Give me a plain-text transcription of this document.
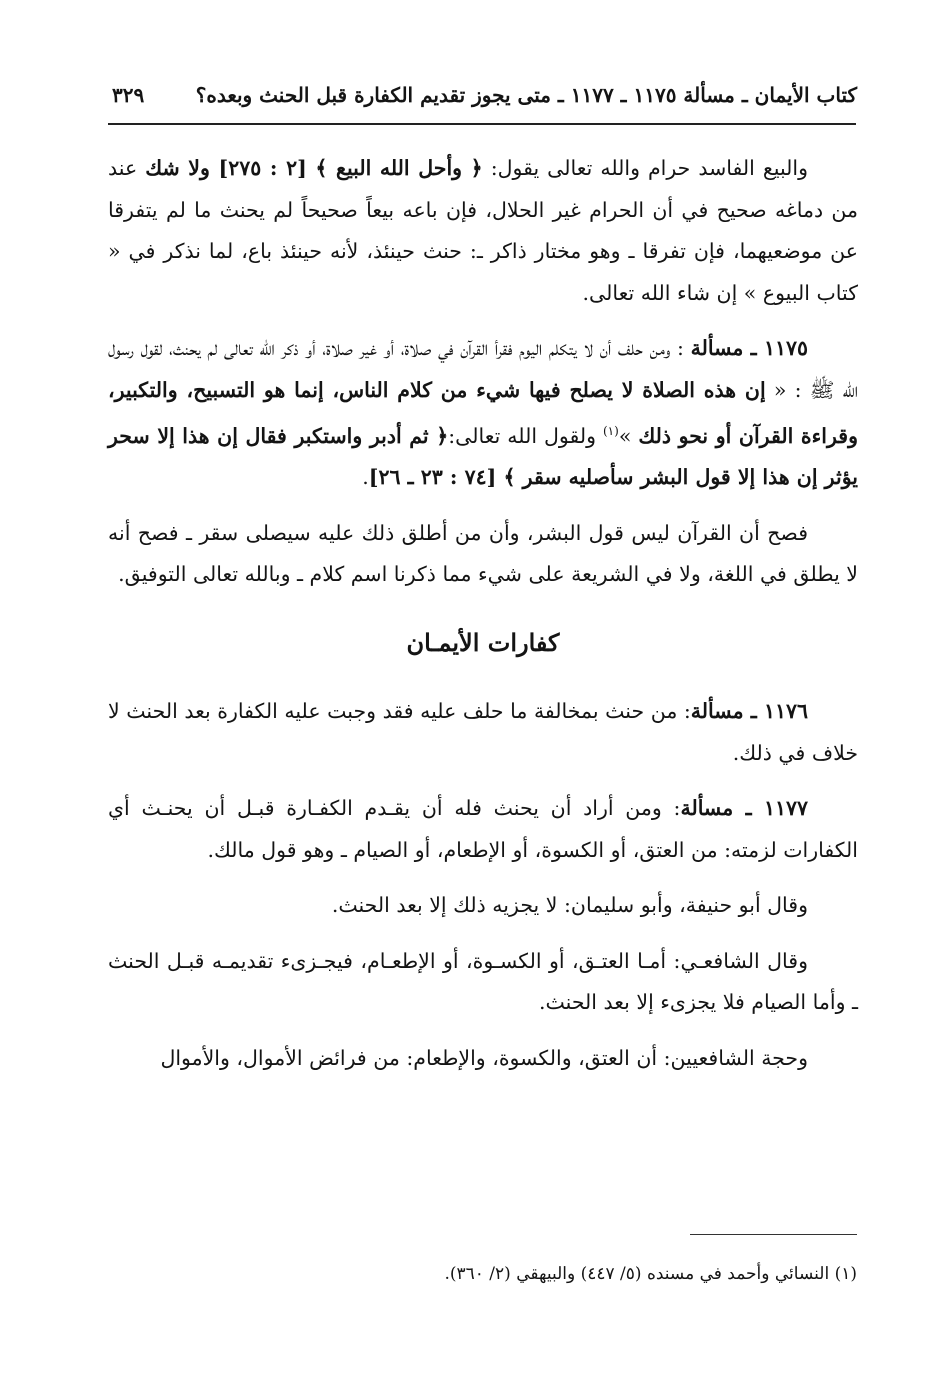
كتاب الأيمان ـ مسألة ١١٧٥ ـ ١١٧٧ ـ متى يجوز تقديم الكفارة قبل الحنث وبعده؟
٣٢٩

والبيع الفاسد حرام والله تعالى يقول: ﴿ وأحل الله البيع ﴾ [٢ : ٢٧٥] ولا شك عند من دماغه صحيح في أن الحرام غير الحلال، فإن باعه بيعاً صحيحاً لم يحنث ما لم يتفرقا عن موضعيهما، فإن تفرقا ـ وهو مختار ذاكر ـ: حنث حينئذ، لأنه حينئذ باع، لما نذكر في « كتاب البيوع » إن شاء الله تعالى.

١١٧٥ ـ مسألة : ومن حلف أن لا يتكلم اليوم فقرأ القرآن في صلاة، أو غير صلاة، أو ذكر الله تعالى لم يحنث، لقول رسول الله ﷺ : « إن هذه الصلاة لا يصلح فيها شيء من كلام الناس، إنما هو التسبيح، والتكبير، وقراءة القرآن أو نحو ذلك »$^{(١)}$ ولقول الله تعالى:﴿ ثم أدبر واستكبر فقال إن هذا إلا سحر يؤثر إن هذا إلا قول البشر سأصليه سقر ﴾ [٧٤ : ٢٣ ـ ٢٦].

فصح أن القرآن ليس قول البشر، وأن من أطلق ذلك عليه سيصلى سقر ـ فصح أنه لا يطلق في اللغة، ولا في الشريعة على شيء مما ذكرنا اسم كلام ـ وبالله تعالى التوفيق.

كفارات الأيمـان

١١٧٦ ـ مسألة: من حنث بمخالفة ما حلف عليه فقد وجبت عليه الكفارة بعد الحنث لا خلاف في ذلك.

١١٧٧ ـ مسألة: ومن أراد أن يحنث فله أن يقـدم الكفـارة قبـل أن يحنـث أي الكفارات لزمته: من العتق، أو الكسوة، أو الإطعام، أو الصيام ـ وهو قول مالك.

وقال أبو حنيفة، وأبو سليمان: لا يجزيه ذلك إلا بعد الحنث.

وقال الشافعـي: أمـا العتـق، أو الكسـوة، أو الإطعـام، فيجـزىء تقديمـه قبـل الحنث ـ وأما الصيام فلا يجزىء إلا بعد الحنث.

وحجة الشافعيين: أن العتق، والكسوة، والإطعام: من فرائض الأموال، والأموال

(١) النسائي وأحمد في مسنده (٥/ ٤٤٧) والبيهقي (٢/ ٣٦٠).
